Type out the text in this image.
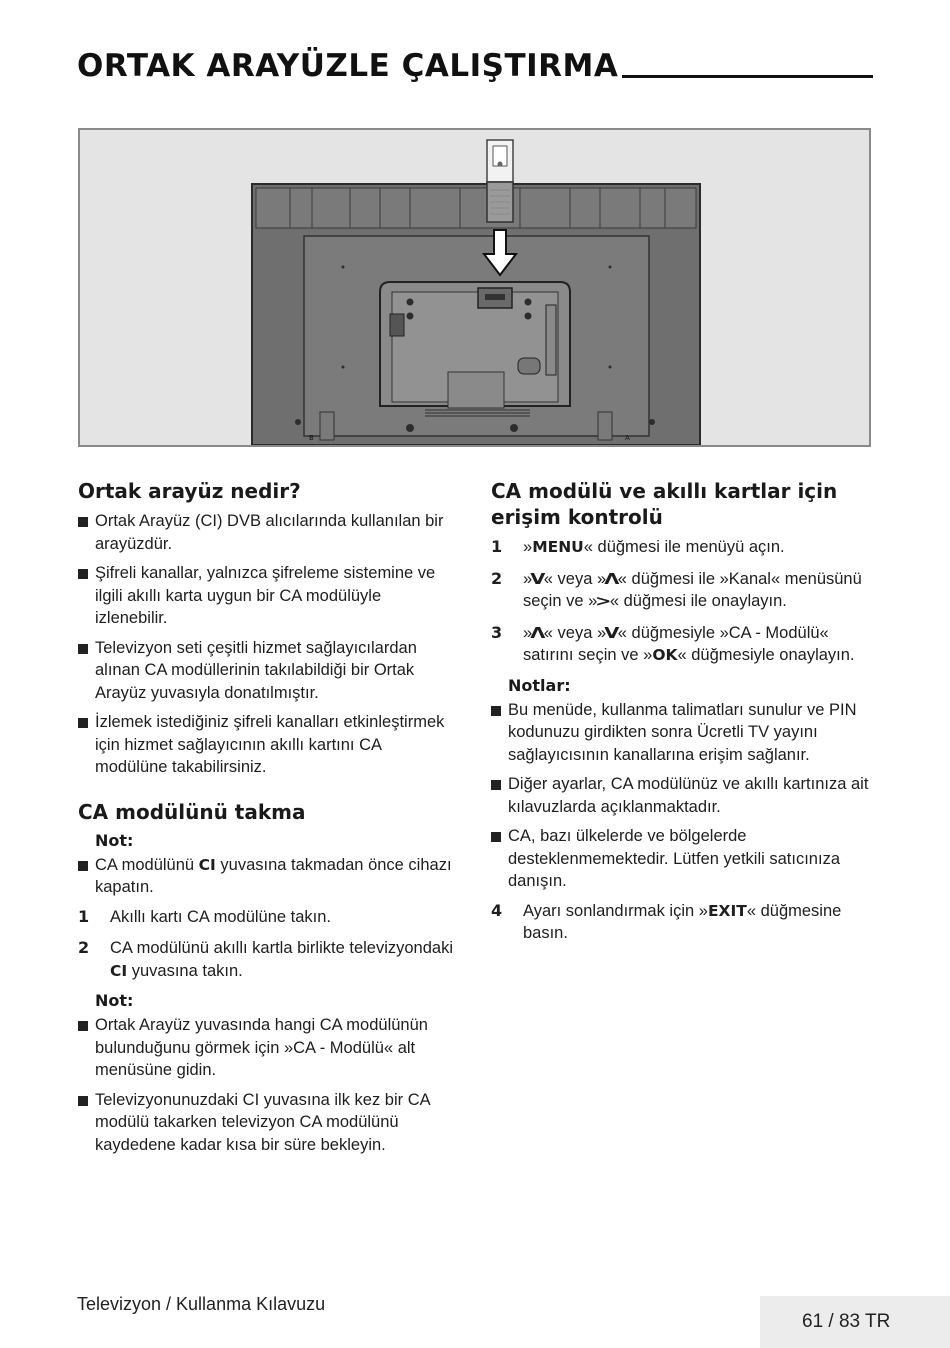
ORTAK ARAYÜZLE ÇALIŞTIRMA
B	A
Ortak arayüz nedir?
Ortak Arayüz (CI) DVB alıcılarında kullanılan bir arayüzdür.
Şifreli kanallar, yalnızca şifreleme sistemine ve ilgili akıllı karta uygun bir CA modülüyle izlenebilir.
Televizyon seti çeşitli hizmet sağlayıcılardan alınan CA modüllerinin takılabildiği bir Ortak Arayüz yuvasıyla donatılmıştır.
İzlemek istediğiniz şifreli kanalları etkinleştirmek için hizmet sağlayıcının akıllı kartını CA modülüne takabilirsiniz.
CA modülünü takma
Not:
CA modülünü CI yuvasına takmadan önce cihazı kapatın.
1 Akıllı kartı CA modülüne takın.
2 CA modülünü akıllı kartla birlikte televizyondaki CI yuvasına takın.
Not:
Ortak Arayüz yuvasında hangi CA modülünün bulunduğunu görmek için »CA - Modülü« alt menüsüne gidin.
Televizyonunuzdaki CI yuvasına ilk kez bir CA modülü takarken televizyon CA modülünü kaydedene kadar kısa bir süre bekleyin.
CA modülü ve akıllı kartlar için erişim kontrolü
1 »MENU« düğmesi ile menüyü açın.
2 »V« veya »Λ« düğmesi ile »Kanal« menüsünü seçin ve »>« düğmesi ile onaylayın.
3 »Λ« veya »V« düğmesiyle »CA - Modülü« satırını seçin ve »OK« düğmesiyle onaylayın.
Notlar:
Bu menüde, kullanma talimatları sunulur ve PIN kodunuzu girdikten sonra Ücretli TV yayını sağlayıcısının kanallarına erişim sağlanır.
Diğer ayarlar, CA modülünüz ve akıllı kartınıza ait kılavuzlarda açıklanmaktadır.
CA, bazı ülkelerde ve bölgelerde desteklenmemektedir. Lütfen yetkili satıcınıza danışın.
4 Ayarı sonlandırmak için »EXIT« düğmesine basın.
Televizyon / Kullanma Kılavuzu
61 / 83 TR
